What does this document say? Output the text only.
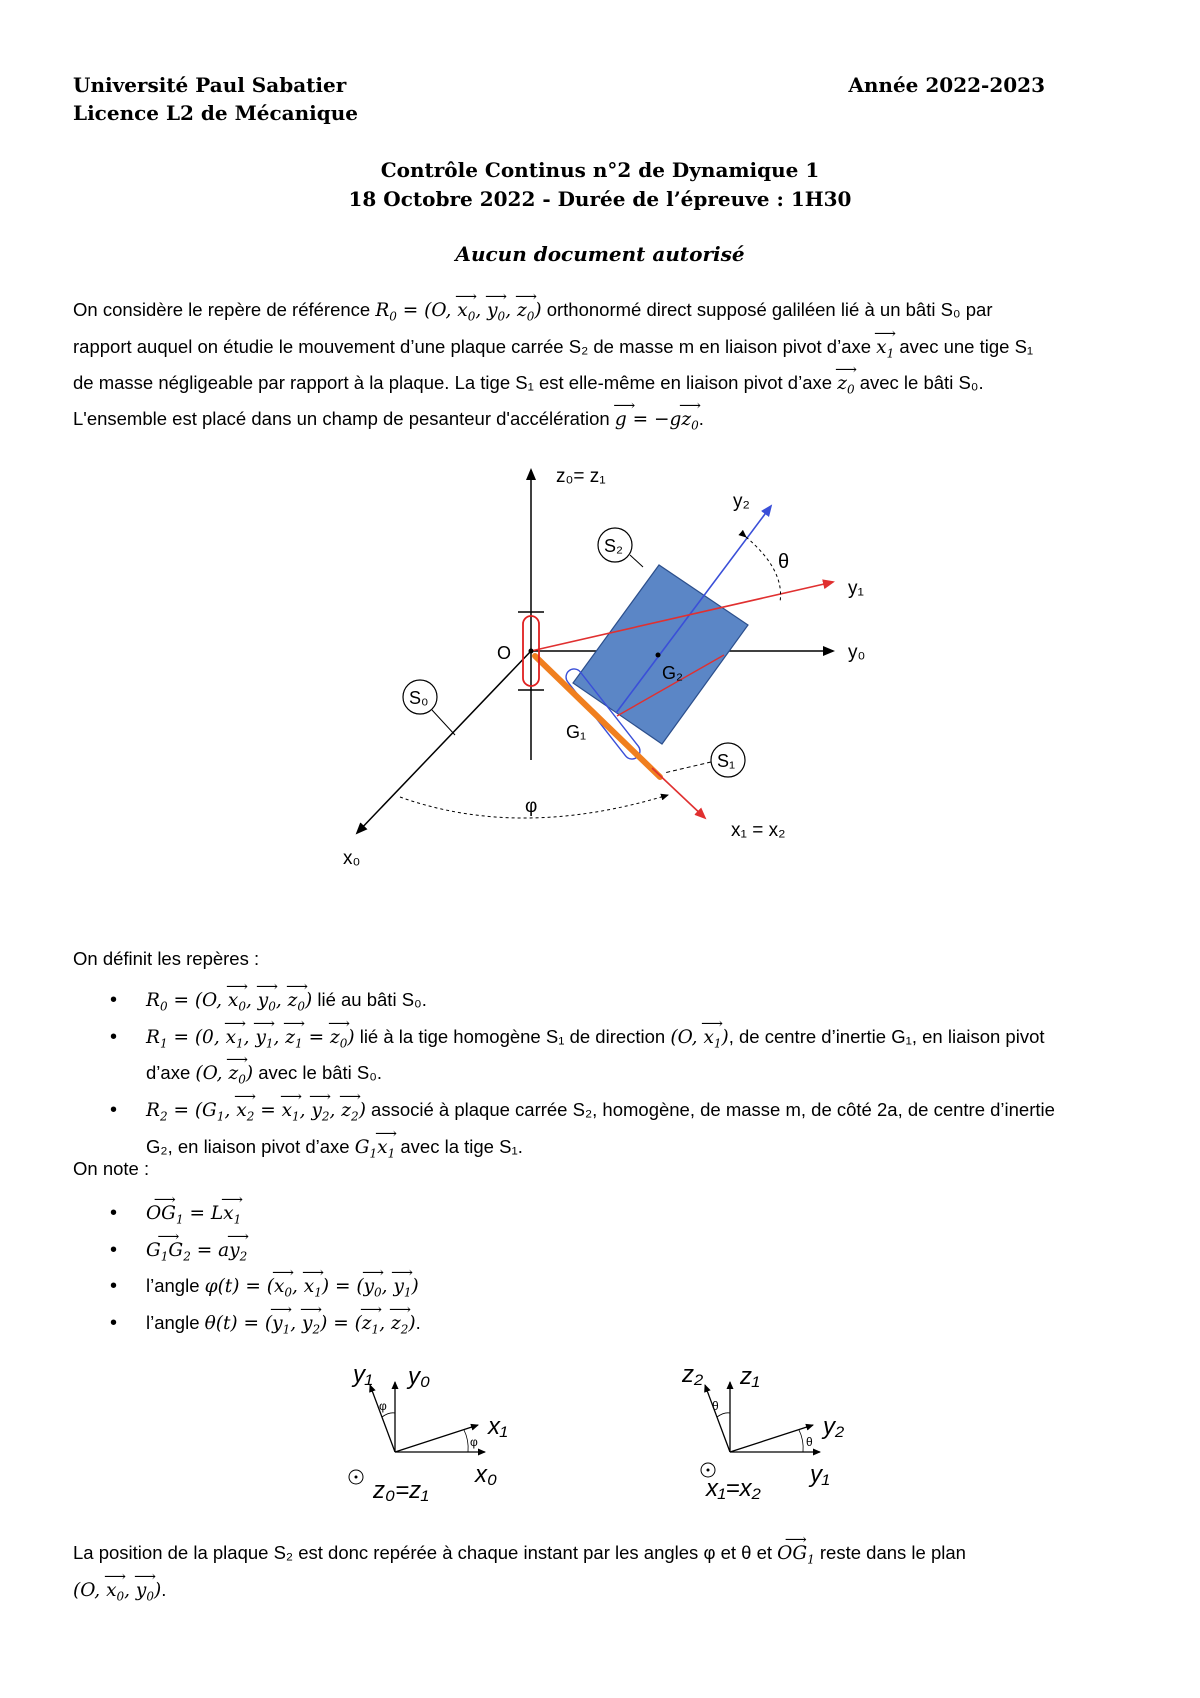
Université Paul Sabatier
Licence L2 de Mécanique
Année 2022-2023
Contrôle Continus n°2 de Dynamique 1
18 Octobre 2022 - Durée de l’épreuve : 1H30
Aucun document autorisé
On considère le repère de référence $R_0 = (O$, ⟶ $x_0$, ⟶ $y_0$, ⟶ $z_0$) orthonormé direct supposé galiléen lié à un bâti S₀ par
rapport auquel on étudie le mouvement d’une plaque carrée S₂ de masse m en liaison pivot d’axe ⟶ $x_1$ avec une tige S₁
de masse négligeable par rapport à la plaque. La tige S₁ est elle-même en liaison pivot d’axe ⟶ $z_0$ avec le bâti S₀.
L'ensemble est placé dans un champ de pesanteur d'accélération ⟶ g = −g⟶ $z_0$.
S₂
S₀
S₁
z₀= z₁
y₂
θ
y₁
y₀
O
G₂
G₁
φ
x₁ = x₂
x₀
On définit les repères :
• $R_0 = (O$, ⟶ $x_0$, ⟶ $y_0$, ⟶ $z_0$) lié au bâti S₀.
• $R_1 = (0$, ⟶ $x_1$, ⟶ $y_1$, ⟶ $z_1$ = ⟶ $z_0$) lié à la tige homogène S₁ de direction (O, ⟶ $x_1$), de centre d’inertie G₁, en liaison pivot
d’axe (O, ⟶ $z_0$) avec le bâti S₀.
• $R_2 = (G_1$, ⟶ $x_2$ = ⟶ $x_1$, ⟶ $y_2$, ⟶ $z_2$) associé à plaque carrée S₂, homogène, de masse m, de côté 2a, de centre d’inertie
G₂, en liaison pivot d’axe $G_1⟶$ $x_1$ avec la tige S₁.
On note :
• ⟶ $OG_1$ = L⟶ $x_1$
• ⟶ $G_1G_2$ = a⟶ $y_2$
• l’angle φ(t) = (⟶ $x_0$, ⟶ $x_1$) = (⟶ $y_0$, ⟶ $y_1$)
• l’angle θ(t) = (⟶ $y_1$, ⟶ $y_2$) = (⟶ $z_1$, ⟶ $z_2$).
φ
φ
y₁ y₀
x₁
x₀
z₀=z₁
θ
θ
z₂ z₁
y₂
y₁
x₁=x₂
La position de la plaque S₂ est donc repérée à chaque instant par les angles φ et θ et ⟶ $OG_1$ reste dans le plan
(O, ⟶ $x_0$, ⟶ $y_0$).
